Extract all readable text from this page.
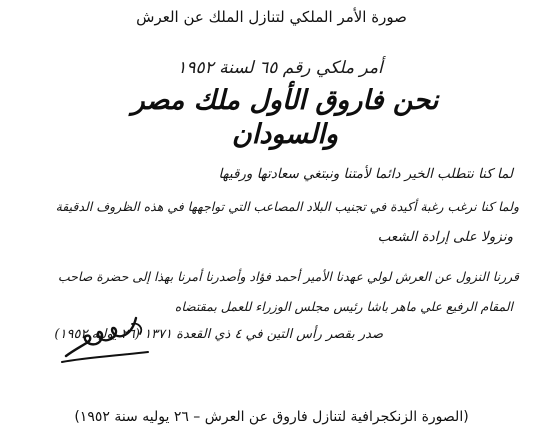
صورة الأمر الملكي لتنازل الملك عن العرش
أمر ملكي رقم ٦٥ لسنة ١٩٥٢
نحن فاروق الأول ملك مصر والسودان
لما كنا نتطلب الخير دائما لأمتنا ونبتغي سعادتها ورقيها
ولما كنا نرغب رغبة أكيدة في تجنيب البلاد المصاعب التي تواجهها في هذه الظروف الدقيقة
ونزولا على إرادة الشعب
قررنا النزول عن العرش لولي عهدنا الأمير أحمد فؤاد وأصدرنا أمرنا بهذا إلى حضرة صاحب
المقام الرفيع علي ماهر باشا رئيس مجلس الوزراء للعمل بمقتضاه
صدر بقصر رأس التين في ٤ ذي القعدة ١٣٧١ (٢٦ يوليه ١٩٥٢)
(الصورة الزنكجرافية لتنازل فاروق عن العرش – ٢٦ يوليه سنة ١٩٥٢)
